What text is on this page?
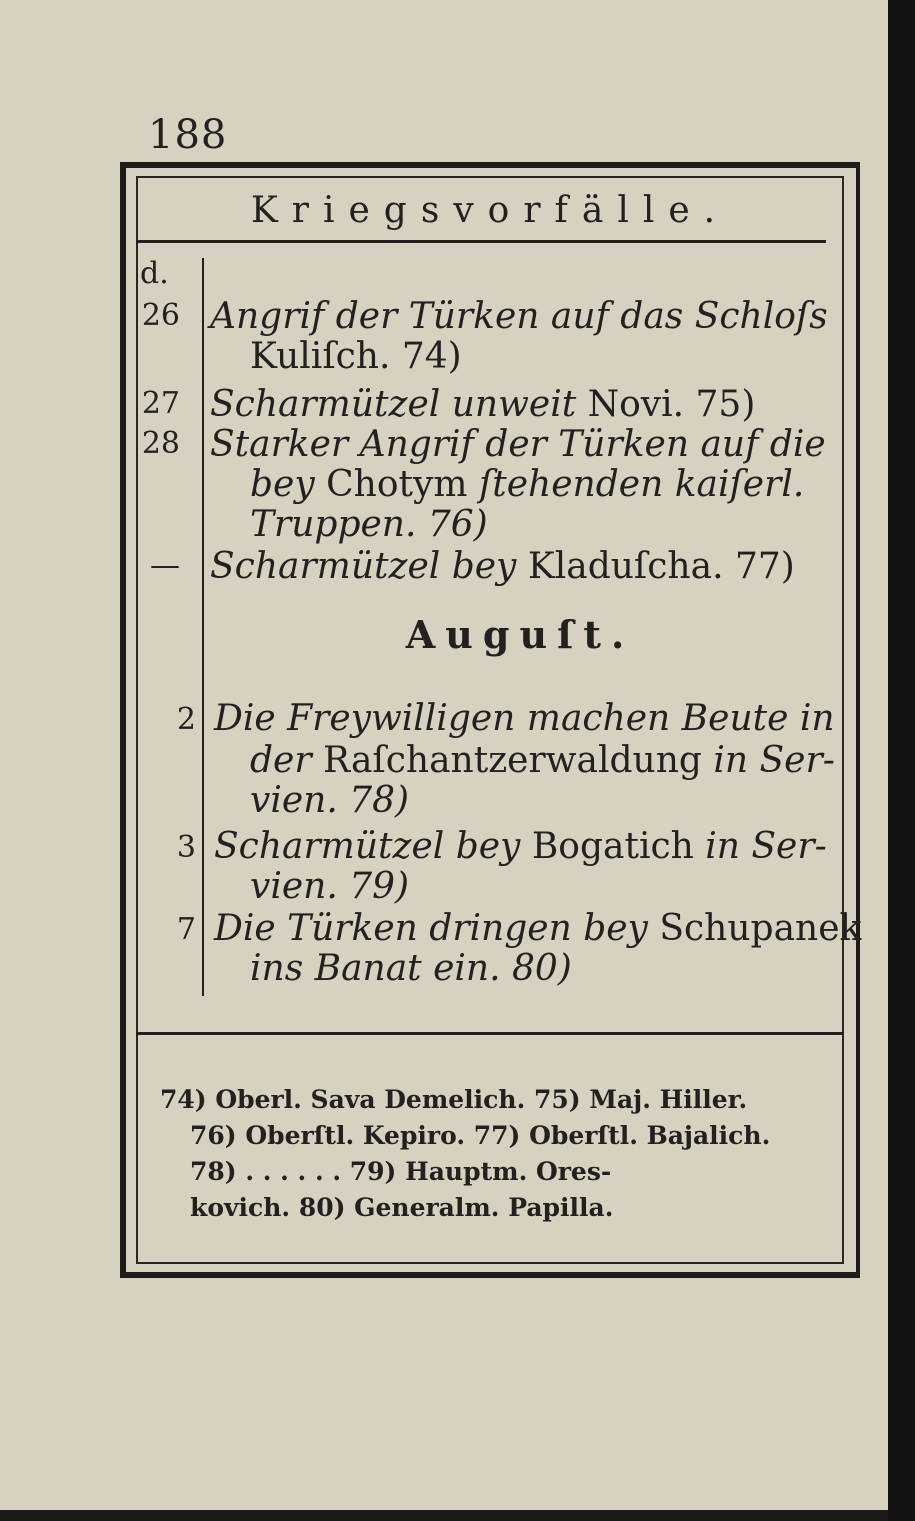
188
Kriegsvorfälle.
d.
26 Angrif der Türken auf das Schloſs
Kuliſch. 74)
27 Scharmützel unweit Novi. 75)
28 Starker Angrif der Türken auf die
bey Chotym ſtehenden kaiſerl.
Truppen. 76)
— Scharmützel bey Kladuſcha. 77)
Auguſt.
2 Die Freywilligen machen Beute in
der Raſchantzerwaldung in Ser-
vien. 78)
3 Scharmützel bey Bogatich in Ser-
vien. 79)
7 Die Türken dringen bey Schupanek
ins Banat ein. 80)
74) Oberl. Sava Demelich. 75) Maj. Hiller.
76) Oberſtl. Kepiro. 77) Oberſtl. Bajalich.
78) . . . . . . 79) Hauptm. Ores-
kovich. 80) Generalm. Papilla.
